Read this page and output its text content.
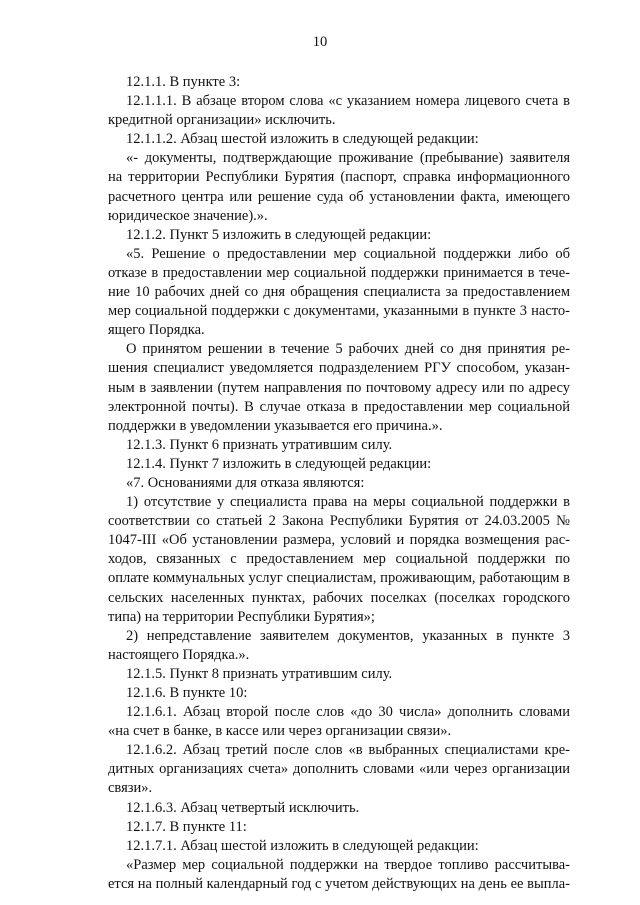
10

12.1.1. В пункте 3:

12.1.1.1. В абзаце втором слова «с указанием номера лицевого счета в кредитной организации» исключить.

12.1.1.2. Абзац шестой изложить в следующей редакции:

«- документы, подтверждающие проживание (пребывание) заявителя на территории Республики Бурятия (паспорт, справка информационного расчетного центра или решение суда об установлении факта, имеющего юридическое значение).».

12.1.2. Пункт 5 изложить в следующей редакции:

«5. Решение о предоставлении мер социальной поддержки либо об отказе в предоставлении мер социальной поддержки принимается в течение 10 рабочих дней со дня обращения специалиста за предоставлением мер социальной поддержки с документами, указанными в пункте 3 настоящего Порядка.

О принятом решении в течение 5 рабочих дней со дня принятия решения специалист уведомляется подразделением РГУ способом, указанным в заявлении (путем направления по почтовому адресу или по адресу электронной почты). В случае отказа в предоставлении мер социальной поддержки в уведомлении указывается его причина.».

12.1.3. Пункт 6 признать утратившим силу.

12.1.4. Пункт 7 изложить в следующей редакции:

«7. Основаниями для отказа являются:

1) отсутствие у специалиста права на меры социальной поддержки в соответствии со статьей 2 Закона Республики Бурятия от 24.03.2005 № 1047-III «Об установлении размера, условий и порядка возмещения расходов, связанных с предоставлением мер социальной поддержки по оплате коммунальных услуг специалистам, проживающим, работающим в сельских населенных пунктах, рабочих поселках (поселках городского типа) на территории Республики Бурятия»;

2) непредставление заявителем документов, указанных в пункте 3 настоящего Порядка.».

12.1.5. Пункт 8 признать утратившим силу.

12.1.6. В пункте 10:

12.1.6.1. Абзац второй после слов «до 30 числа» дополнить словами «на счет в банке, в кассе или через организации связи».

12.1.6.2. Абзац третий после слов «в выбранных специалистами кредитных организациях счета» дополнить словами «или через организации связи».

12.1.6.3. Абзац четвертый исключить.

12.1.7. В пункте 11:

12.1.7.1. Абзац шестой изложить в следующей редакции:

«Размер мер социальной поддержки на твердое топливо рассчитывается на полный календарный год с учетом действующих на день ее выпла-
